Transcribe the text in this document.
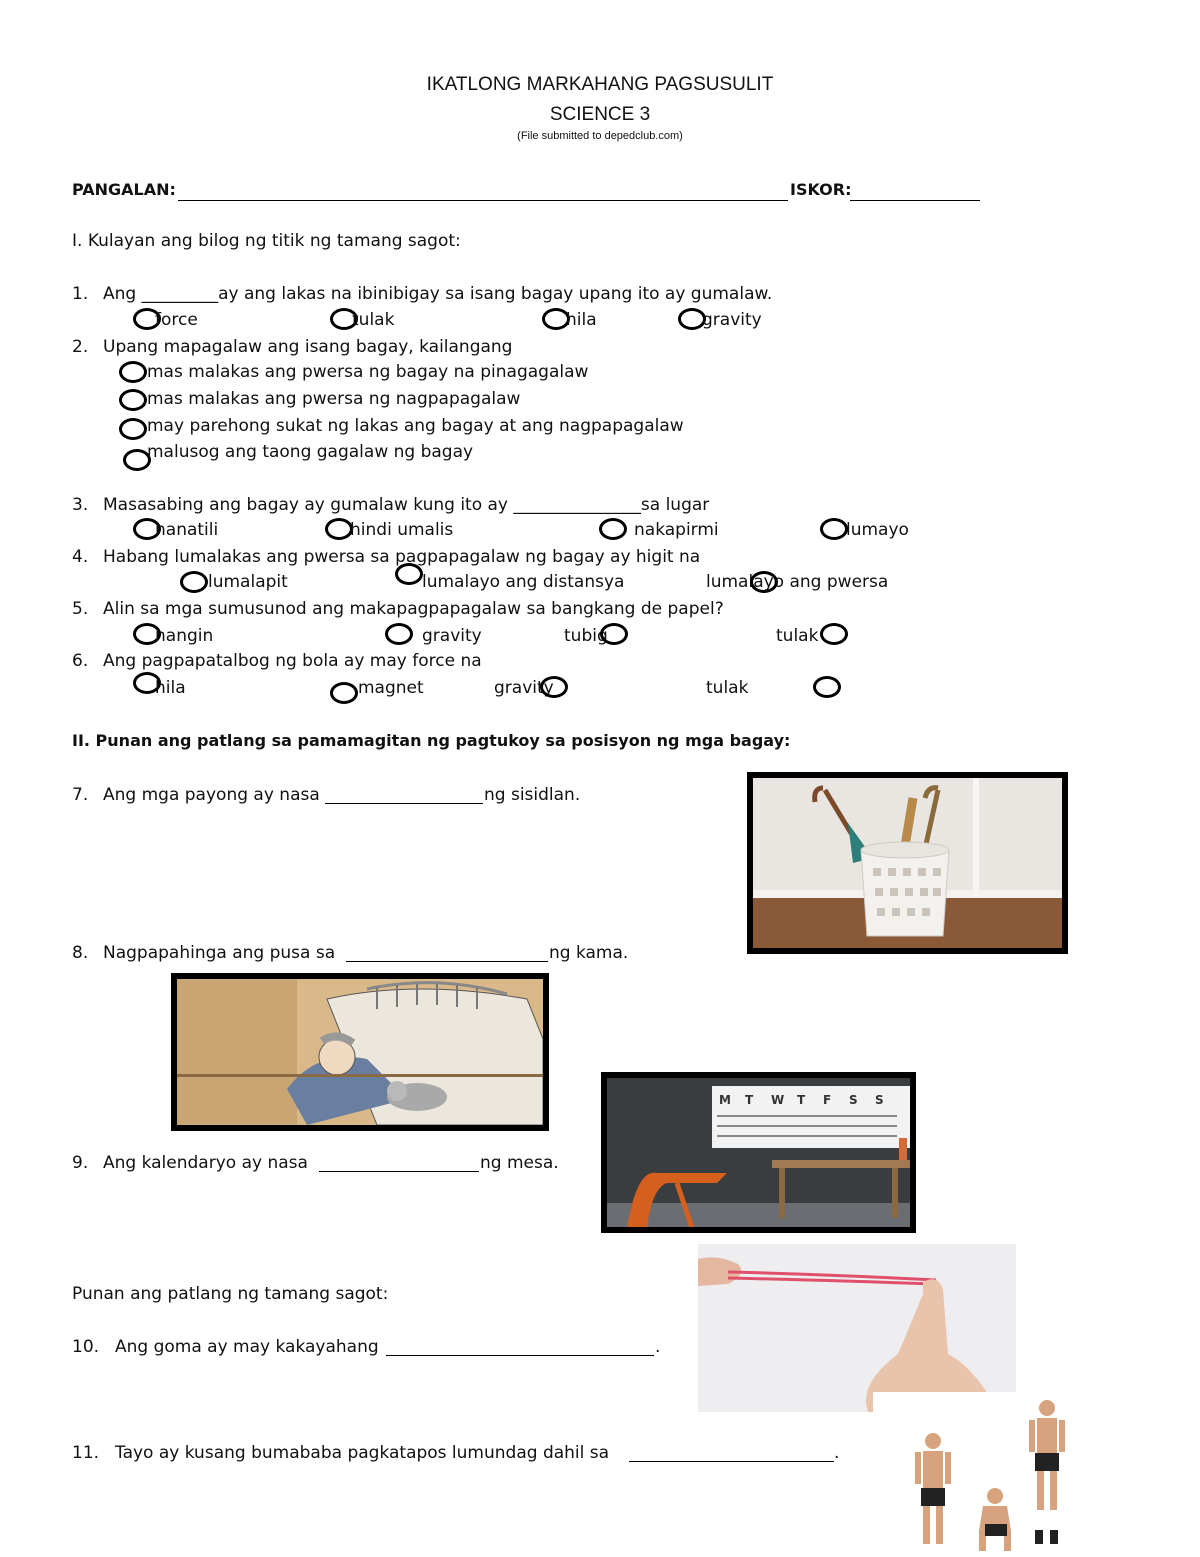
IKATLONG MARKAHANG PAGSUSULIT
SCIENCE 3
(File submitted to depedclub.com)
PANGALAN:	ISKOR:
I. Kulayan ang bilog ng titik ng tamang sagot:
1. Ang _________ay ang lakas na ibinibigay sa isang bagay upang ito ay gumalaw.
force	tulak	hila	gravity
2. Upang mapagalaw ang isang bagay, kailangang
mas malakas ang pwersa ng bagay na pinagagalaw
mas malakas ang pwersa ng nagpapagalaw
may parehong sukat ng lakas ang bagay at ang nagpapagalaw
malusog ang taong gagalaw ng bagay
3. Masasabing ang bagay ay gumalaw kung ito ay _______________sa lugar
nanatili	hindi umalis	nakapirmi	lumayo
4. Habang lumalakas ang pwersa sa pagpapagalaw ng bagay ay higit na
lumalapit	lumalayo ang distansya	lumalayo ang pwersa
5. Alin sa mga sumusunod ang makapagpapagalaw sa bangkang de papel?
hangin	gravity	tubig	tulak
6. Ang pagpapatalbog ng bola ay may force na
hila	magnet	gravity	tulak
II. Punan ang patlang sa pamamagitan ng pagtukoy sa posisyon ng mga bagay:
7. Ang mga payong ay nasa	ng sisidlan.
8. Nagpapahinga ang pusa sa	ng kama.
M T W T F S S
9. Ang kalendaryo ay nasa	ng mesa.
Punan ang patlang ng tamang sagot:
10. Ang goma ay may kakayahang	.
11. Tayo ay kusang bumababa pagkatapos lumundag dahil sa	.
